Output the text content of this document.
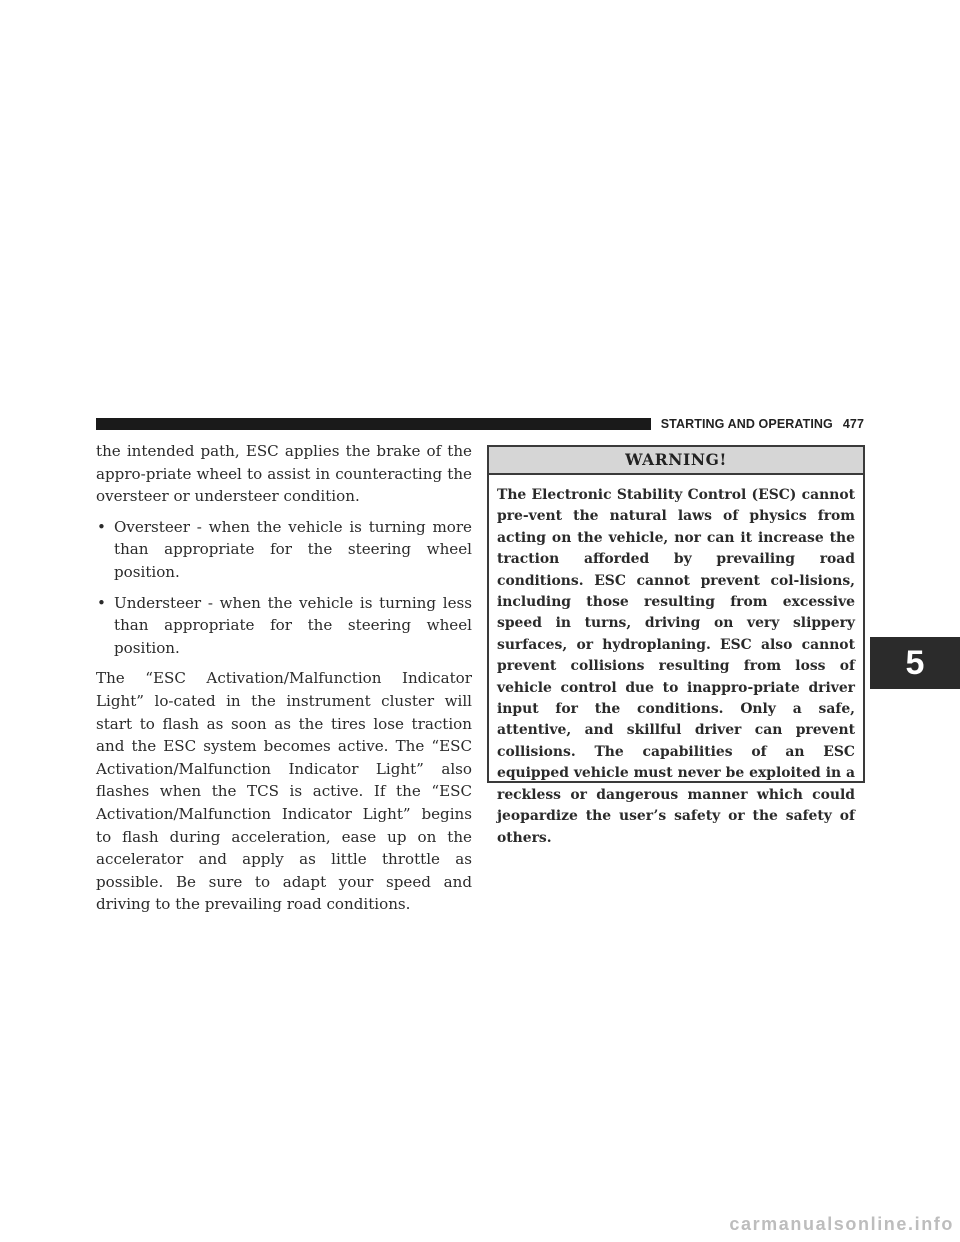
STARTING AND OPERATING 477

the intended path, ESC applies the brake of the appro-priate wheel to assist in counteracting the oversteer or understeer condition.

• Oversteer - when the vehicle is turning more than appropriate for the steering wheel position.
• Understeer - when the vehicle is turning less than appropriate for the steering wheel position.

The “ESC Activation/Malfunction Indicator Light” lo-cated in the instrument cluster will start to flash as soon as the tires lose traction and the ESC system becomes active. The “ESC Activation/Malfunction Indicator Light” also flashes when the TCS is active. If the “ESC Activation/Malfunction Indicator Light” begins to flash during acceleration, ease up on the accelerator and apply as little throttle as possible. Be sure to adapt your speed and driving to the prevailing road conditions.

WARNING!
The Electronic Stability Control (ESC) cannot pre-vent the natural laws of physics from acting on the vehicle, nor can it increase the traction afforded by prevailing road conditions. ESC cannot prevent col-lisions, including those resulting from excessive speed in turns, driving on very slippery surfaces, or hydroplaning. ESC also cannot prevent collisions resulting from loss of vehicle control due to inappro-priate driver input for the conditions. Only a safe, attentive, and skillful driver can prevent collisions. The capabilities of an ESC equipped vehicle must never be exploited in a reckless or dangerous manner which could jeopardize the user’s safety or the safety of others.
5
carmanualsonline.info
